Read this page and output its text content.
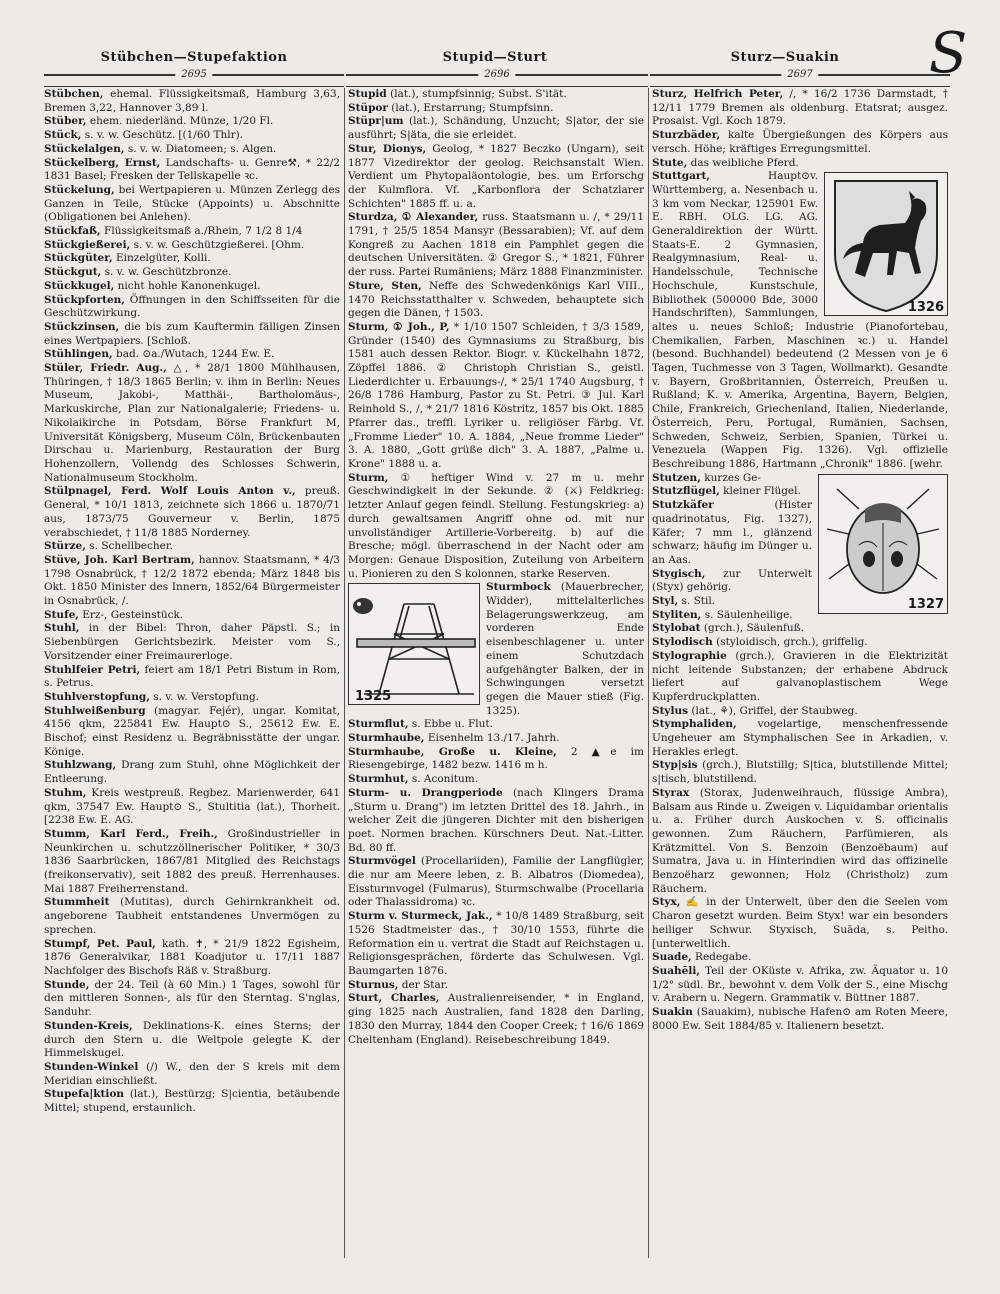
Stübchen—Stupefaktion	Stupid—Sturt	Sturz—Suakin	S
2695	2696	2697
Stübchen, ehemal. Flüssigkeitsmaß, Hamburg 3,63, Bremen 3,22, Hannover 3,89 l.
Stüber, ehem. niederländ. Münze, 1/20 Fl.
Stück, s. v. w. Geschütz. [(1/60 Thlr).
Stückelalgen, s. v. w. Diatomeen; s. Algen.
Stückelberg, Ernst, Landschafts- u. Genre⚒, * 22/2 1831 Basel; Fresken der Tellskapelle ꝛc.
Stückelung, bei Wertpapieren u. Münzen Zerlegg des Ganzen in Teile, Stücke (Appoints) u. Abschnitte (Obligationen bei Anlehen).
Stückfaß, Flüssigkeitsmaß a./Rhein, 7 1/2 8 1/4
Stückgießerei, s. v. w. Geschützgießerei. [Ohm.
Stückgüter, Einzelgüter, Kolli.
Stückgut, s. v. w. Geschützbronze.
Stückkugel, nicht hohle Kanonenkugel.
Stückpforten, Öffnungen in den Schiffsseiten für die Geschützwirkung.
Stückzinsen, die bis zum Kauftermin fälligen Zinsen eines Wertpapiers. [Schloß.
Stühlingen, bad. ⊙a./Wutach, 1244 Ew. E.
Stüler, Friedr. Aug., △, * 28/1 1800 Mühlhausen, Thüringen, † 18/3 1865 Berlin; v. ihm in Berlin: Neues Museum, Jakobi-, Matthäi-, Bartholomäus-, Markuskirche, Plan zur Nationalgalerie; Friedens- u. Nikolaikirche in Potsdam, Börse Frankfurt M, Universität Königsberg, Museum Cöln, Brückenbauten Dirschau u. Marienburg, Restauration der Burg Hohenzollern, Vollendg des Schlosses Schwerin, Nationalmuseum Stockholm.
Stülpnagel, Ferd. Wolf Louis Anton v., preuß. General, * 10/1 1813, zeichnete sich 1866 u. 1870/71 aus, 1873/75 Gouverneur v. Berlin, 1875 verabschiedet, † 11/8 1885 Norderney.
Stürze, s. Schellbecher.
Stüve, Joh. Karl Bertram, hannov. Staatsmann, * 4/3 1798 Osnabrück, † 12/2 1872 ebenda; März 1848 bis Okt. 1850 Minister des Innern, 1852/64 Bürgermeister in Osnabrück, /.
Stufe, Erz-, Gesteinstück.
Stuhl, in der Bibel: Thron, daher Päpstl. S.; in Siebenbürgen Gerichtsbezirk. Meister vom S., Vorsitzender einer Freimaurerloge.
Stuhlfeier Petri, feiert am 18/1 Petri Bistum in Rom, s. Petrus.
Stuhlverstopfung, s. v. w. Verstopfung.
Stuhlweißenburg (magyar. Fejér), ungar. Komitat, 4156 qkm, 225841 Ew. Haupt⊙ S., 25612 Ew. E. Bischof; einst Residenz u. Begräbnisstätte der ungar. Könige.
Stuhlzwang, Drang zum Stuhl, ohne Möglichkeit der Entleerung.
Stuhm, Kreis westpreuß. Regbez. Marienwerder, 641 qkm, 37547 Ew. Haupt⊙ S., Stultitia (lat.), Thorheit. [2238 Ew. E. AG.
Stumm, Karl Ferd., Freih., Großindustrieller in Neunkirchen u. schutzzöllnerischer Politiker, * 30/3 1836 Saarbrücken, 1867/81 Mitglied des Reichstags (freikonservativ), seit 1882 des preuß. Herrenhauses. Mai 1887 Freiherrenstand.
Stummheit (Mutitas), durch Gehirnkrankheit od. angeborene Taubheit entstandenes Unvermögen zu sprechen.
Stumpf, Pet. Paul, kath. ✝, * 21/9 1822 Egisheim, 1876 Generalvikar, 1881 Koadjutor u. 17/11 1887 Nachfolger des Bischofs Räß v. Straßburg.
Stunde, der 24. Teil (à 60 Min.) 1 Tages, sowohl für den mittleren Sonnen-, als für den Sterntag. S'nglas, Sanduhr.
Stunden-Kreis, Deklinations-K. eines Sterns; der durch den Stern u. die Weltpole gelegte K. der Himmelskugel.
Stunden-Winkel (/) W., den der S kreis mit dem Meridian einschließt.
Stupefa|ktion (lat.), Bestürzg; S|cientia, betäubende Mittel; stupend, erstaunlich.
Stupid (lat.), stumpfsinnig; Subst. S'ität.
Stüpor (lat.), Erstarrung; Stumpfsinn.
Stüpr|um (lat.), Schändung, Unzucht; S|ator, der sie ausführt; S|äta, die sie erleidet.
Stur, Dionys, Geolog, * 1827 Beczko (Ungarn), seit 1877 Vizedirektor der geolog. Reichsanstalt Wien. Verdient um Phytopaläontologie, bes. um Erforschg der Kulmflora. Vf. „Karbonflora der Schatzlarer Schichten" 1885 ff. u. a.
Sturdza, ① Alexander, russ. Staatsmann u. /, * 29/11 1791, † 25/5 1854 Mansyr (Bessarabien); Vf. auf dem Kongreß zu Aachen 1818 ein Pamphlet gegen die deutschen Universitäten. ② Gregor S., * 1821, Führer der russ. Partei Rumäniens; März 1888 Finanzminister.
Sture, Sten, Neffe des Schwedenkönigs Karl VIII., 1470 Reichsstatthalter v. Schweden, behauptete sich gegen die Dänen, † 1503.
Sturm, ① Joh., P, * 1/10 1507 Schleiden, † 3/3 1589, Gründer (1540) des Gymnasiums zu Straßburg, bis 1581 auch dessen Rektor. Biogr. v. Kückelhahn 1872, Zöpffel 1886. ② Christoph Christian S., geistl. Liederdichter u. Erbauungs-/, * 25/1 1740 Augsburg, † 26/8 1786 Hamburg, Pastor zu St. Petri. ③ Jul. Karl Reinhold S., /, * 21/7 1816 Köstritz, 1857 bis Okt. 1885 Pfarrer das., treffl. Lyriker u. religiöser Färbg. Vf. „Fromme Lieder" 10. A. 1884, „Neue fromme Lieder" 3. A. 1880, „Gott grüße dich" 3. A. 1887, „Palme u. Krone" 1888 u. a.
Sturm, ① heftiger Wind v. 27 m u. mehr Geschwindigkeit in der Sekunde. ② (⚔) Feldkrieg: letzter Anlauf gegen feindl. Stellung. Festungskrieg: a) durch gewaltsamen Angriff ohne od. mit nur unvollständiger Artillerie-Vorbereitg. b) auf die Bresche; mögl. überraschend in der Nacht oder am Morgen: Genaue Disposition, Zuteilung von Arbeitern u. Pionieren zu den S kolonnen, starke Reserven.
1325
Sturmbock (Mauerbrecher, Widder), mittelalterliches Belagerungswerkzeug, am vorderen Ende eisenbeschlagener u. unter einem Schutzdach aufgehängter Balken, der in Schwingungen versetzt gegen die Mauer stieß (Fig. 1325).
Sturmflut, s. Ebbe u. Flut.
Sturmhaube, Eisenhelm 13./17. Jahrh.
Sturmhaube, Große u. Kleine, 2 ▲e im Riesengebirge, 1482 bezw. 1416 m h.
Sturmhut, s. Aconitum.
Sturm- u. Drangperiode (nach Klingers Drama „Sturm u. Drang") im letzten Drittel des 18. Jahrh., in welcher Zeit die jüngeren Dichter mit den bisherigen poet. Normen brachen. Kürschners Deut. Nat.-Litter. Bd. 80 ff.
Sturmvögel (Procellariiden), Familie der Langflügler, die nur am Meere leben, z. B. Albatros (Diomedea), Eissturmvogel (Fulmarus), Sturmschwalbe (Procellaria oder Thalassidroma) ꝛc.
Sturm v. Sturmeck, Jak., * 10/8 1489 Straßburg, seit 1526 Stadtmeister das., † 30/10 1553, führte die Reformation ein u. vertrat die Stadt auf Reichstagen u. Religionsgesprächen, förderte das Schulwesen. Vgl. Baumgarten 1876.
Sturnus, der Star.
Sturt, Charles, Australienreisender, * in England, ging 1825 nach Australien, fand 1828 den Darling, 1830 den Murray, 1844 den Cooper Creek; † 16/6 1869 Cheltenham (England). Reisebeschreibung 1849.
Sturz, Helfrich Peter, /, * 16/2 1736 Darmstadt, † 12/11 1779 Bremen als oldenburg. Etatsrat; ausgez. Prosaist. Vgl. Koch 1879.
Sturzbäder, kalte Übergießungen des Körpers aus versch. Höhe; kräftiges Erregungsmittel.
Stute, das weibliche Pferd.
1326
Stuttgart,	Haupt⊙v. Württemberg, a. Nesenbach u. 3 km vom Neckar, 125901 Ew. E. RBH. OLG. LG. AG. Generaldirektion der Württ. Staats-E. 2 Gymnasien, Realgymnasium, Real- u. Handelsschule, Technische Hochschule, Kunstschule, Bibliothek (500000 Bde, 3000 Handschriften), Sammlungen, altes u. neues Schloß; Industrie (Pianofortebau, Chemikalien, Farben, Maschinen ꝛc.) u. Handel (besond. Buchhandel) bedeutend (2 Messen von je 6 Tagen, Tuchmesse von 3 Tagen, Wollmarkt). Gesandte v. Bayern, Großbritannien, Österreich, Preußen u. Rußland; K. v. Amerika, Argentina, Bayern, Belgien, Chile, Frankreich, Griechenland, Italien, Niederlande, Österreich, Peru, Portugal, Rumänien, Sachsen, Schweden, Schweiz, Serbien, Spanien, Türkei u. Venezuela (Wappen Fig. 1326). Vgl. offizielle Beschreibung 1886, Hartmann „Chronik" 1886. [wehr.
1327
Stutzen, kurzes Ge-
Stutzflügel, kleiner Flügel.
Stutzkäfer	(Hister quadrinotatus, Fig. 1327), Käfer; 7 mm l., glänzend schwarz; häufig im Dünger u. an Aas.
Stygisch, zur Unterwelt (Styx) gehörig.
Styl, s. Stil.
Styliten, s. Säulenheilige.
Stylobat (grch.), Säulenfuß.
Stylodisch (styloidisch, grch.), griffelig.
Stylographie (grch.), Gravieren in die Elektrizität nicht leitende Substanzen; der erhabene Abdruck liefert auf galvanoplastischem Wege Kupferdruckplatten.
Stylus (lat., ⚘), Griffel, der Staubweg.
Stymphaliden, vogelartige, menschenfressende Ungeheuer am Stymphalischen See in Arkadien, v. Herakles erlegt.
Styp|sis (grch.), Blutstillg; S|tica, blutstillende Mittel; s|tisch, blutstillend.
Styrax (Storax, Judenweihrauch, flüssige Ambra), Balsam aus Rinde u. Zweigen v. Liquidambar orientalis u. a. Früher durch Auskochen v. S. officinalis gewonnen. Zum Räuchern, Parfümieren, als Krätzmittel. Von S. Benzoin (Benzoëbaum) auf Sumatra, Java u. in Hinterindien wird das offizinelle Benzoëharz gewonnen; Holz (Christholz) zum Räuchern.
Styx, ✍ in der Unterwelt, über den die Seelen vom Charon gesetzt wurden. Beim Styx! war ein besonders heiliger Schwur. Styxisch, Suāda, s. Peitho. [unterweltlich.
Suade, Redegabe.
Suahēli, Teil der OKüste v. Afrika, zw. Äquator u. 10 1/2° südl. Br., bewohnt v. dem Volk der S., eine Mischg v. Arabern u. Negern. Grammatik v. Büttner 1887.
Suakin (Sauakim), nubische Hafen⊙ am Roten Meere, 8000 Ew. Seit 1884/85 v. Italienern besetzt.
